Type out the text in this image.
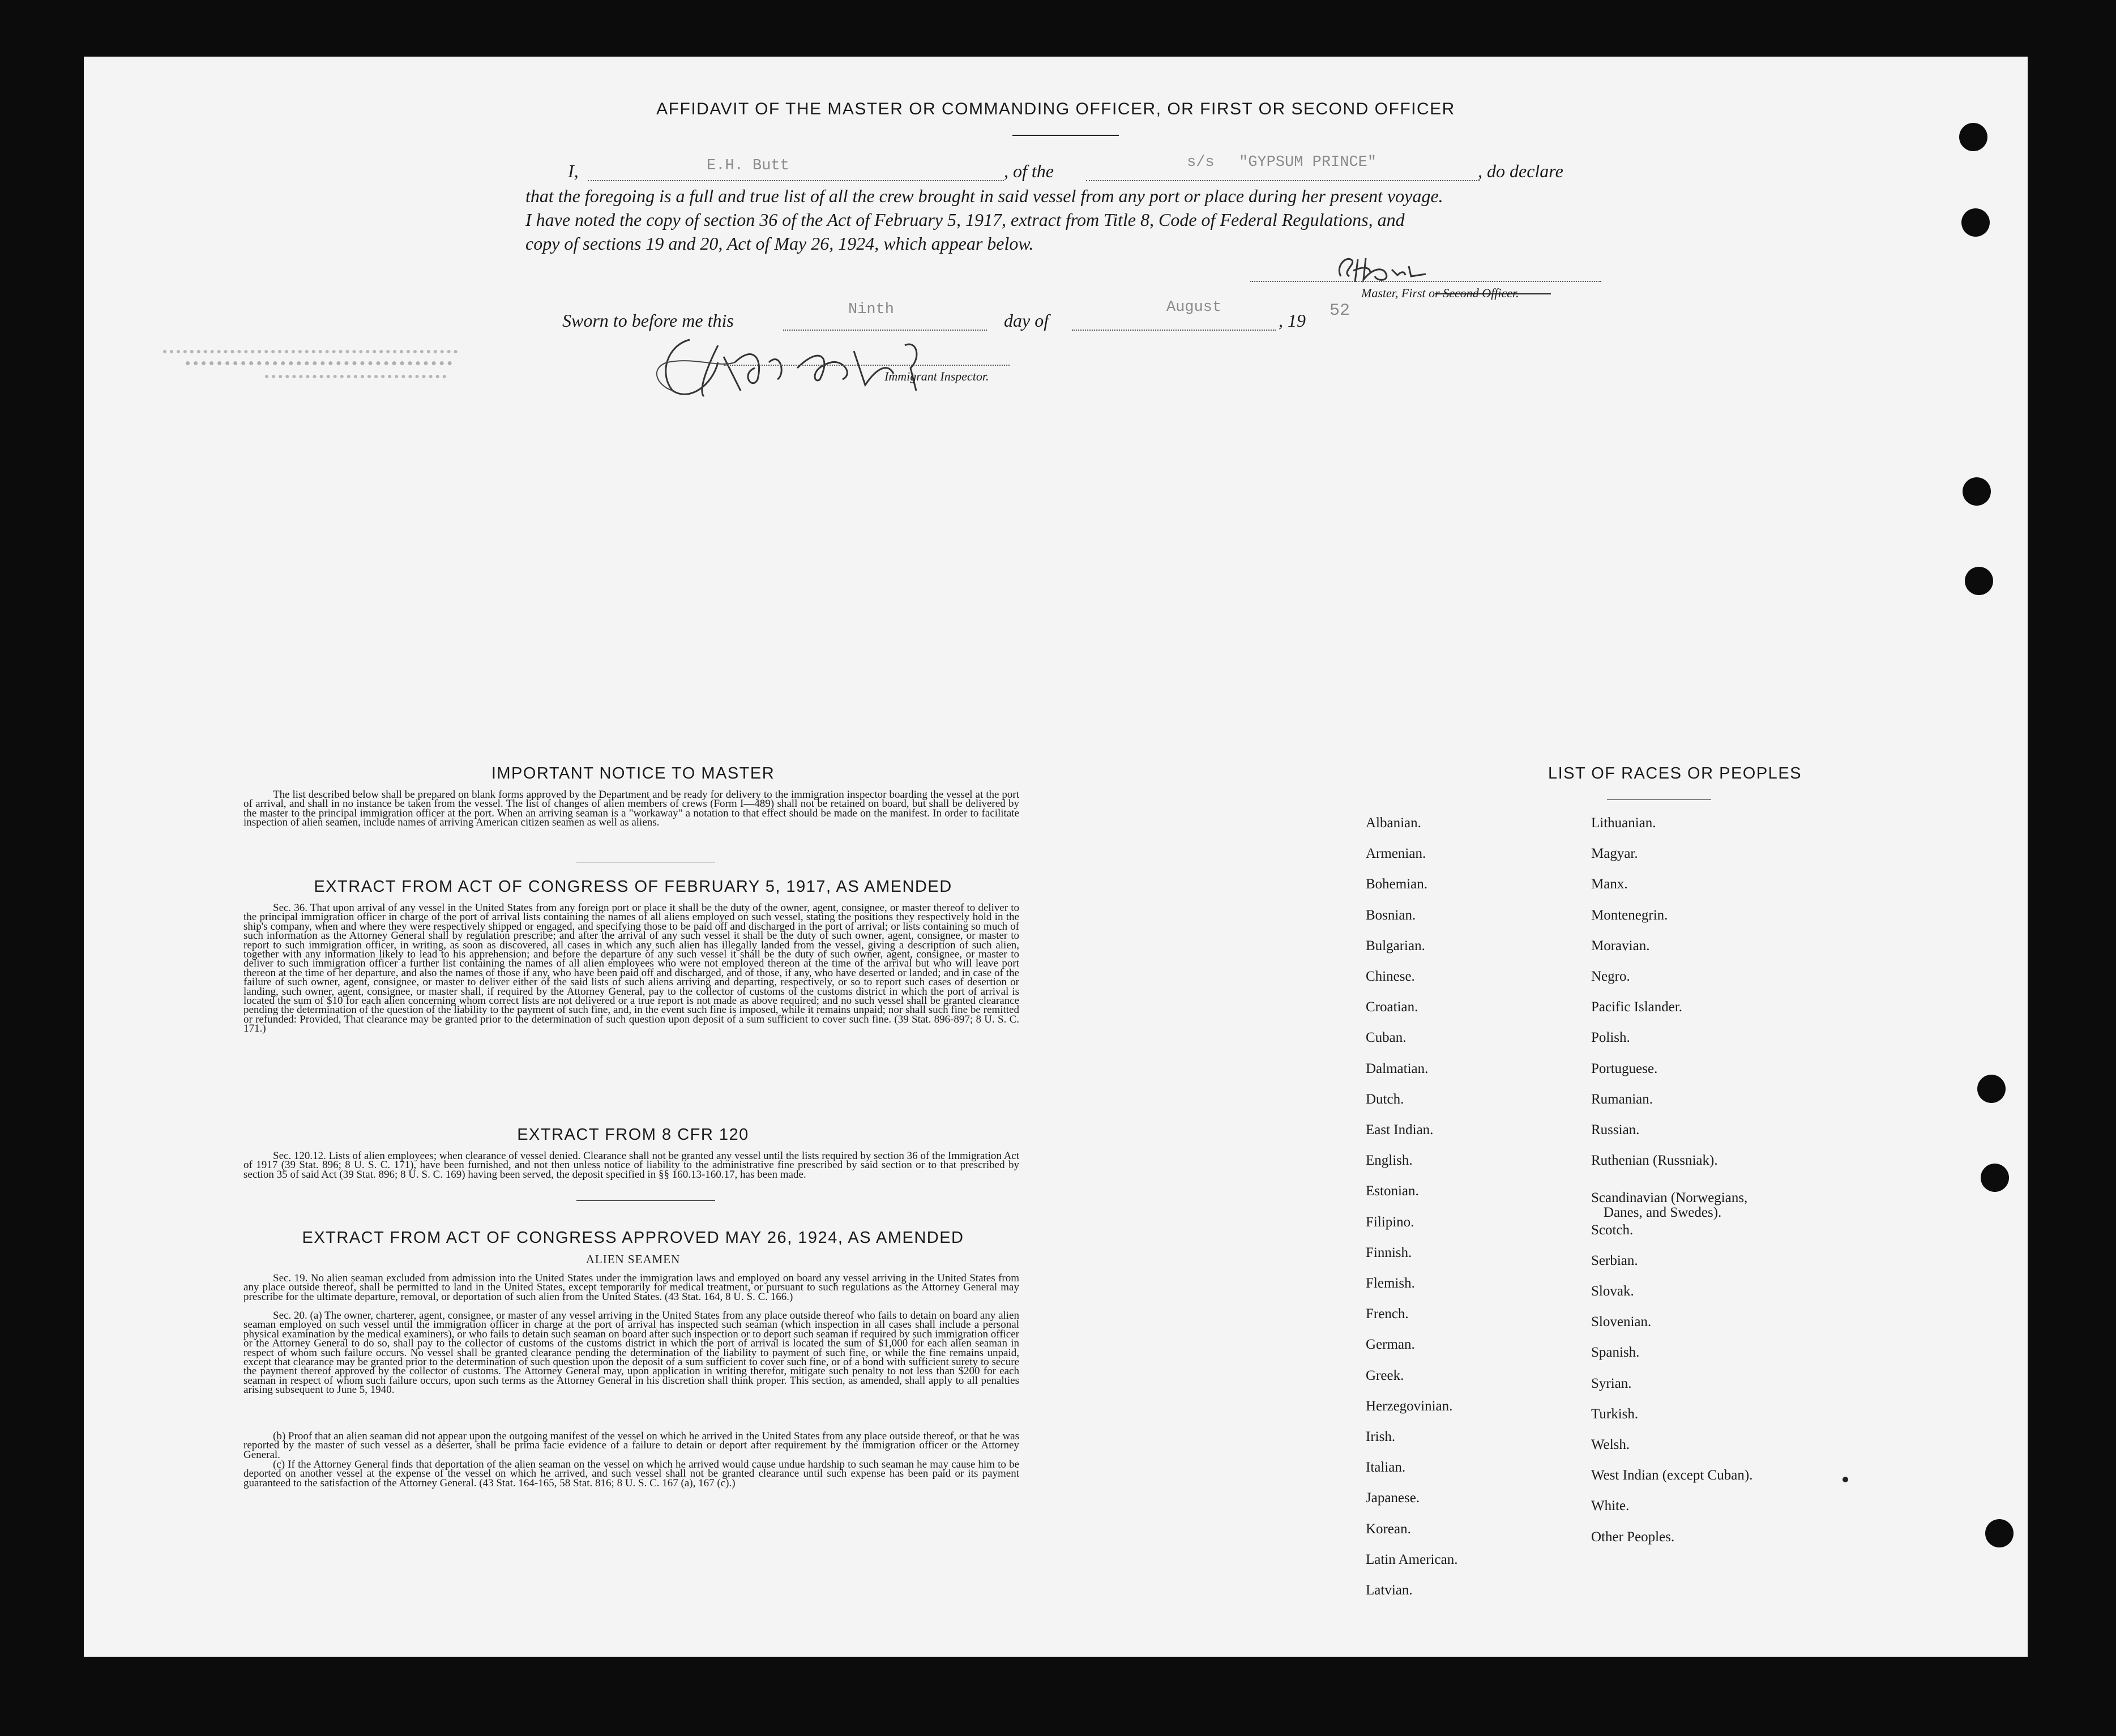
AFFIDAVIT OF THE MASTER OR COMMANDING OFFICER, OR FIRST OR SECOND OFFICER
I,	E.H. Butt	, of the	s/s "GYPSUM PRINCE"	, do declare
that the foregoing is a full and true list of all the crew brought in said vessel from any port or place during her present voyage.
I have noted the copy of section 36 of the Act of February 5, 1917, extract from Title 8, Code of Federal Regulations, and
copy of sections 19 and 20, Act of May 26, 1924, which appear below.
Master, First or Second Officer.
Sworn to before me this
Ninth
day of
August
, 19 52
JH DeCamp
Immigrant Inspector.
IMPORTANT NOTICE TO MASTER
The list described below shall be prepared on blank forms approved by the Department and be ready for delivery to the immigration inspector boarding the vessel at the port of arrival, and shall in no instance be taken from the vessel. The list of changes of alien members of crews (Form I—489) shall not be retained on board, but shall be delivered by the master to the principal immigration officer at the port. When an arriving seaman is a "workaway" a notation to that effect should be made on the manifest. In order to facilitate inspection of alien seamen, include names of arriving American citizen seamen as well as aliens.
EXTRACT FROM ACT OF CONGRESS OF FEBRUARY 5, 1917, AS AMENDED
Sec. 36. That upon arrival of any vessel in the United States from any foreign port or place it shall be the duty of the owner, agent, consignee, or master thereof to deliver to the principal immigration officer in charge of the port of arrival lists containing the names of all aliens employed on such vessel, stating the positions they respectively hold in the ship's company, when and where they were respectively shipped or engaged, and specifying those to be paid off and discharged in the port of arrival; or lists containing so much of such information as the Attorney General shall by regulation prescribe; and after the arrival of any such vessel it shall be the duty of such owner, agent, consignee, or master to report to such immigration officer, in writing, as soon as discovered, all cases in which any such alien has illegally landed from the vessel, giving a description of such alien, together with any information likely to lead to his apprehension; and before the departure of any such vessel it shall be the duty of such owner, agent, consignee, or master to deliver to such immigration officer a further list containing the names of all alien employees who were not employed thereon at the time of the arrival but who will leave port thereon at the time of her departure, and also the names of those if any, who have been paid off and discharged, and of those, if any, who have deserted or landed; and in case of the failure of such owner, agent, consignee, or master to deliver either of the said lists of such aliens arriving and departing, respectively, or so to report such cases of desertion or landing, such owner, agent, consignee, or master shall, if required by the Attorney General, pay to the collector of customs of the customs district in which the port of arrival is located the sum of $10 for each alien concerning whom correct lists are not delivered or a true report is not made as above required; and no such vessel shall be granted clearance pending the determination of the question of the liability to the payment of such fine, and, in the event such fine is imposed, while it remains unpaid; nor shall such fine be remitted or refunded: Provided, That clearance may be granted prior to the determination of such question upon deposit of a sum sufficient to cover such fine. (39 Stat. 896-897; 8 U. S. C. 171.)
EXTRACT FROM 8 CFR 120
Sec. 120.12. Lists of alien employees; when clearance of vessel denied. Clearance shall not be granted any vessel until the lists required by section 36 of the Immigration Act of 1917 (39 Stat. 896; 8 U. S. C. 171), have been furnished, and not then unless notice of liability to the administrative fine prescribed by said section or to that prescribed by section 35 of said Act (39 Stat. 896; 8 U. S. C. 169) having been served, the deposit specified in §§ 160.13-160.17, has been made.
EXTRACT FROM ACT OF CONGRESS APPROVED MAY 26, 1924, AS AMENDED
ALIEN SEAMEN
Sec. 19. No alien seaman excluded from admission into the United States under the immigration laws and employed on board any vessel arriving in the United States from any place outside thereof, shall be permitted to land in the United States, except temporarily for medical treatment, or pursuant to such regulations as the Attorney General may prescribe for the ultimate departure, removal, or deportation of such alien from the United States. (43 Stat. 164, 8 U. S. C. 166.)
Sec. 20. (a) The owner, charterer, agent, consignee, or master of any vessel arriving in the United States from any place outside thereof who fails to detain on board any alien seaman employed on such vessel until the immigration officer in charge at the port of arrival has inspected such seaman (which inspection in all cases shall include a personal physical examination by the medical examiners), or who fails to detain such seaman on board after such inspection or to deport such seaman if required by such immigration officer or the Attorney General to do so, shall pay to the collector of customs of the customs district in which the port of arrival is located the sum of $1,000 for each alien seaman in respect of whom such failure occurs. No vessel shall be granted clearance pending the determination of the liability to payment of such fine, or while the fine remains unpaid, except that clearance may be granted prior to the determination of such question upon the deposit of a sum sufficient to cover such fine, or of a bond with sufficient surety to secure the payment thereof approved by the collector of customs. The Attorney General may, upon application in writing therefor, mitigate such penalty to not less than $200 for each seaman in respect of whom such failure occurs, upon such terms as the Attorney General in his discretion shall think proper. This section, as amended, shall apply to all penalties arising subsequent to June 5, 1940.
(b) Proof that an alien seaman did not appear upon the outgoing manifest of the vessel on which he arrived in the United States from any place outside thereof, or that he was reported by the master of such vessel as a deserter, shall be prima facie evidence of a failure to detain or deport after requirement by the immigration officer or the Attorney General.
(c) If the Attorney General finds that deportation of the alien seaman on the vessel on which he arrived would cause undue hardship to such seaman he may cause him to be deported on another vessel at the expense of the vessel on which he arrived, and such vessel shall not be granted clearance until such expense has been paid or its payment guaranteed to the satisfaction of the Attorney General. (43 Stat. 164-165, 58 Stat. 816; 8 U. S. C. 167 (a), 167 (c).)
LIST OF RACES OR PEOPLES
Albanian.
Armenian.
Bohemian.
Bosnian.
Bulgarian.
Chinese.
Croatian.
Cuban.
Dalmatian.
Dutch.
East Indian.
English.
Estonian.
Filipino.
Finnish.
Flemish.
French.
German.
Greek.
Herzegovinian.
Irish.
Italian.
Japanese.
Korean.
Latin American.
Latvian.
Lithuanian.
Magyar.
Manx.
Montenegrin.
Moravian.
Negro.
Pacific Islander.
Polish.
Portuguese.
Rumanian.
Russian.
Ruthenian (Russniak).
Scandinavian (Norwegians,
Danes, and Swedes).
Scotch.
Serbian.
Slovak.
Slovenian.
Spanish.
Syrian.
Turkish.
Welsh.
West Indian (except Cuban).
White.
Other Peoples.
